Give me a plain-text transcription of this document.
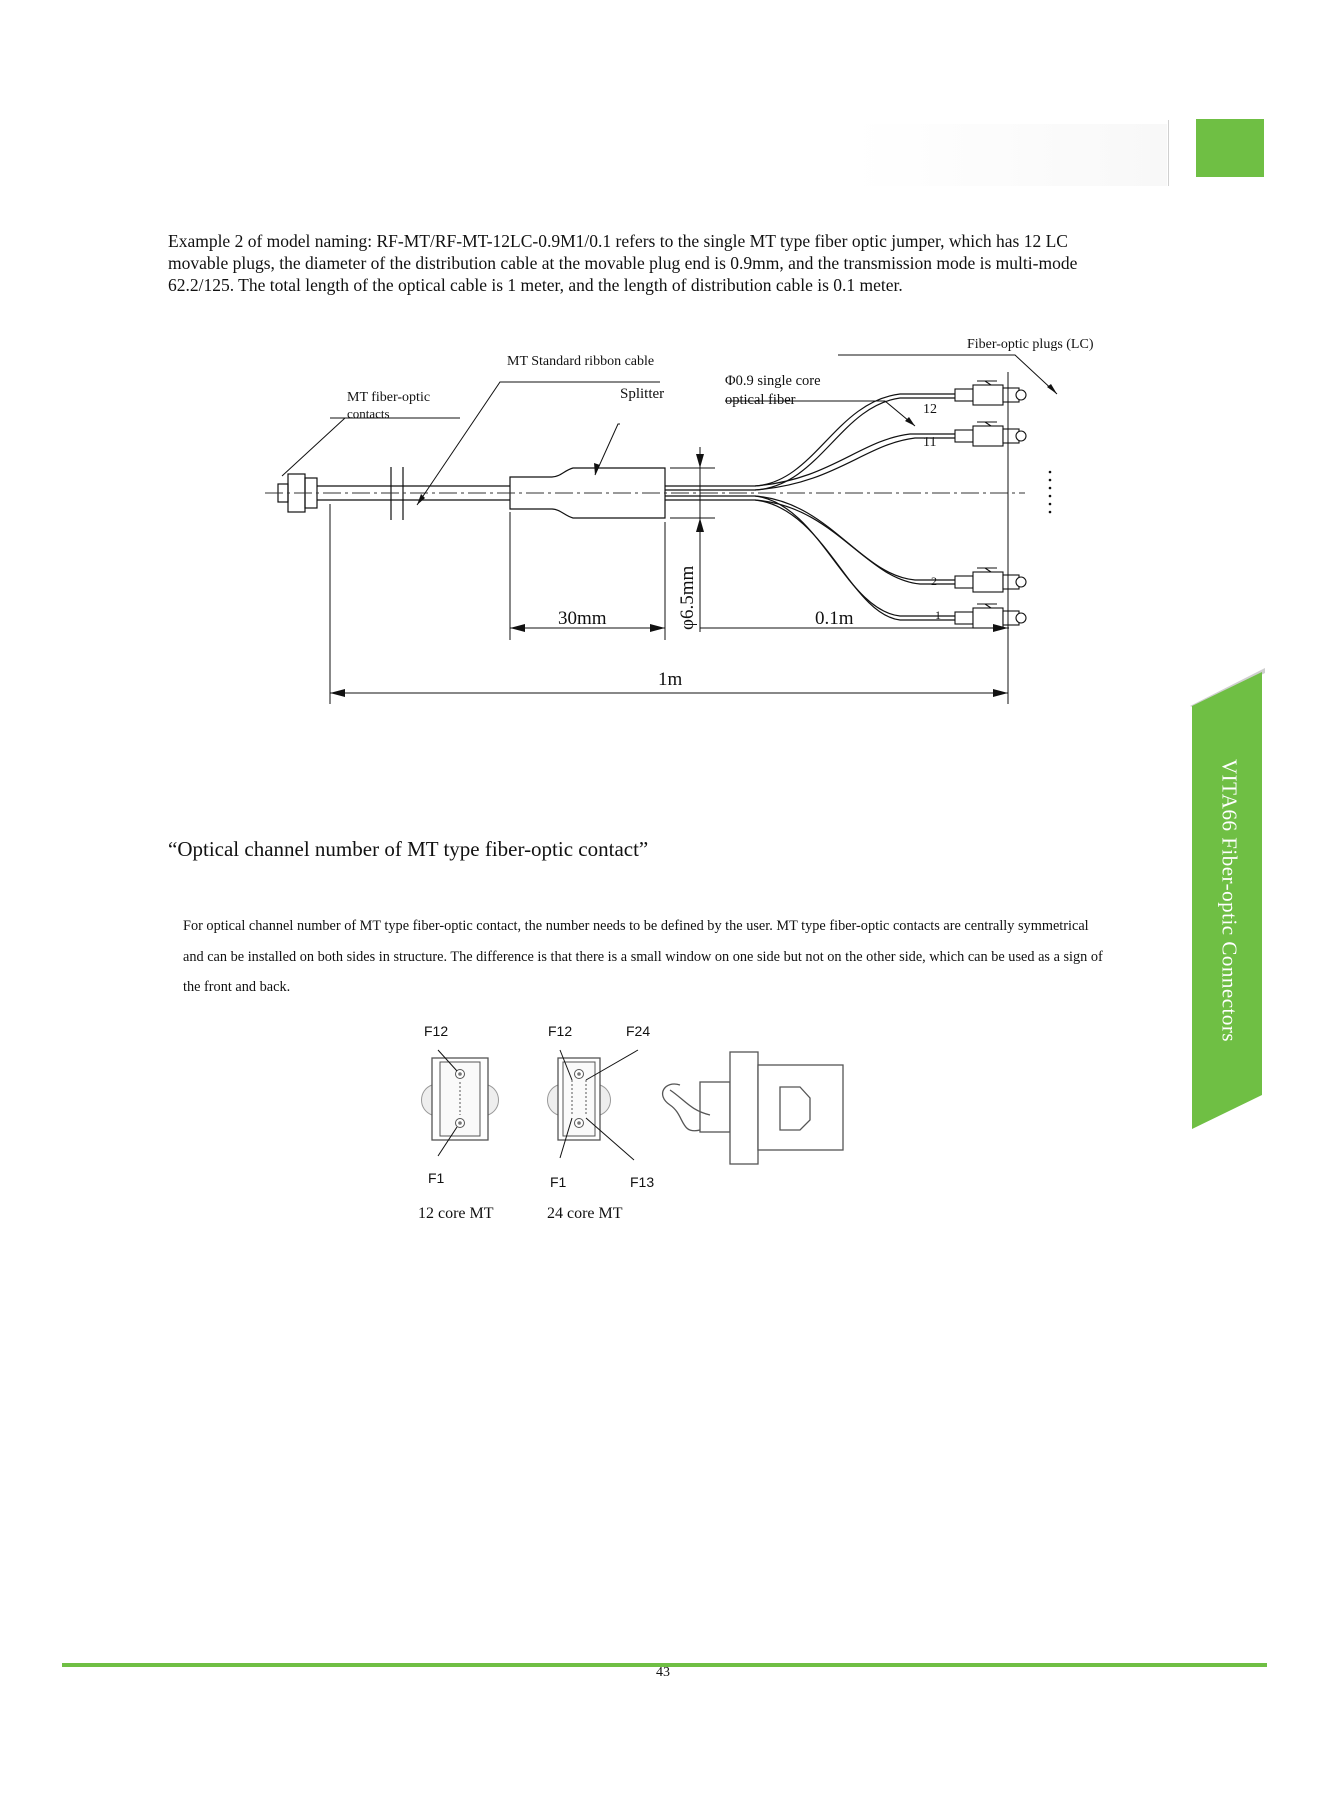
VITA66 Fiber-optic Connectors

Example 2 of model naming: RF-MT/RF-MT-12LC-0.9M1/0.1 refers to the single MT type fiber optic jumper, which has 12 LC movable plugs, the diameter of the distribution cable at the movable plug end is 0.9mm, and the transmission mode is multi-mode 62.2/125. The total length of the optical cable is 1 meter, and the length of distribution cable is 0.1 meter.

MT fiber-optic
contacts
MT Standard ribbon cable
Splitter
Φ0.9 single core
optical fiber
Fiber-optic plugs (LC)
12
11
2
1
30mm	φ6.5mm	0.1m
1m
“Optical channel number of MT type fiber-optic contact”

For optical channel number of MT type fiber-optic contact, the number needs to be defined by the user. MT type fiber-optic contacts are centrally symmetrical and can be installed on both sides in structure. The difference is that there is a small window on one side but not on the other side, which can be used as a sign of the front and back.

F12
F1
12 core MT
F12	F24
F1	F13
24 core MT
43
